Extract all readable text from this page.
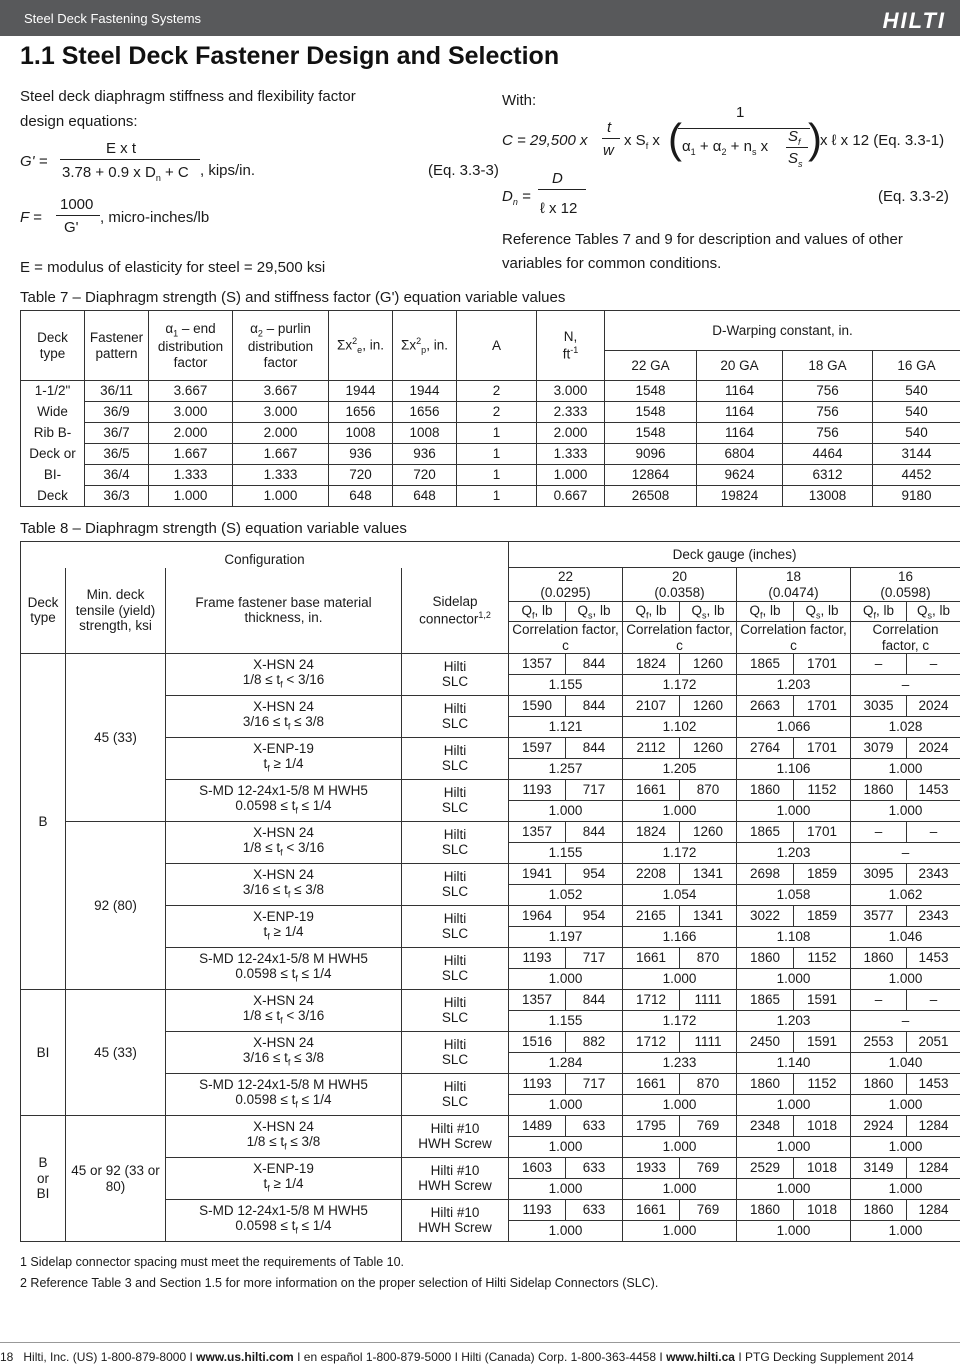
Steel Deck Fastening Systems	HILTI
1.1 Steel Deck Fastener Design and Selection
Steel deck diaphragm stiffness and flexibility factor
design equations:
G' =
E x t
3.78 + 0.9 x $D_n + C$ , kips/in.	(Eq. 3.3-3)
F =
1000
G'
, micro-inches/lb
E = modulus of elasticity for steel = 29,500 ksi
With:
1
C = 29,500 x
t
w
x $S_f$ x ( $\alpha_1 + \alpha_2 + n_s$ x
$S_f$
$S_s$
)
x ℓ x 12 (Eq. 3.3-1)
$D_n$ =
D
ℓ x 12
(Eq. 3.3-2)
Reference Tables 7 and 9 for description and values of other
variables for common conditions.
Table 7 – Diaphragm strength (S) and stiffness factor (G') equation variable values
Deck type	Fastener pattern	$\alpha_1$ – end distribution factor	$\alpha_2$ – purlin distribution factor	$\Sigma x^2_e$, in.	$\Sigma x^2_p$, in.	A	N,
$ft^{-1}$	D-Warping constant, in.			
								22 GA	20 GA	18 GA	16 GA
1-1/2"	36/11	3.667	3.667	1944	1944	2	3.000	1548	1164	756	540
Wide	36/9	3.000	3.000	1656	1656	2	2.333	1548	1164	756	540
Rib B-	36/7	2.000	2.000	1008	1008	1	2.000	1548	1164	756	540
Deck or	36/5	1.667	1.667	936	936	1	1.333	9096	6804	4464	3144
BI-	36/4	1.333	1.333	720	720	1	1.000	12864	9624	6312	4452
Deck	36/3	1.000	1.000	648	648	1	0.667	26508	19824	13008	9180
Table 8 – Diaphragm strength (S) equation variable values
Configuration				Deck gauge (inches)							
Deck type	Min. deck tensile (yield) strength, ksi	Frame fastener base material thickness, in.	Sidelap connector$^{1,2}$	22
(0.0295)		20
(0.0358)		18
(0.0474)		16
(0.0598)	
				$Q_f$, lb	$Q_s$, lb	$Q_f$, lb	$Q_s$, lb	$Q_f$, lb	$Q_s$, lb	$Q_f$, lb	$Q_s$, lb
				Correlation factor, c		Correlation factor, c		Correlation factor, c		Correlation factor, c	
B	45 (33)	X-HSN 24
$1/8 \le t_f < 3/16$	Hilti
SLC	1357	844	1824	1260	1865	1701	–	–
				1.155		1.172		1.203		–	
		X-HSN 24
$3/16 \le t_f \le 3/8$	Hilti
SLC	1590	844	2107	1260	2663	1701	3035	2024
				1.121		1.102		1.066		1.028	
		X-ENP-19
$t_f \ge 1/4$	Hilti
SLC	1597	844	2112	1260	2764	1701	3079	2024
				1.257		1.205		1.106		1.000	
		S-MD 12-24x1-5/8 M HWH5
$0.0598 \le t_f \le 1/4$	Hilti
SLC	1193	717	1661	870	1860	1152	1860	1453
				1.000		1.000		1.000		1.000	
	92 (80)	X-HSN 24
$1/8 \le t_f < 3/16$	Hilti
SLC	1357	844	1824	1260	1865	1701	–	–
				1.155		1.172		1.203		–	
		X-HSN 24
$3/16 \le t_f \le 3/8$	Hilti
SLC	1941	954	2208	1341	2698	1859	3095	2343
				1.052		1.054		1.058		1.062	
		X-ENP-19
$t_f \ge 1/4$	Hilti
SLC	1964	954	2165	1341	3022	1859	3577	2343
				1.197		1.166		1.108		1.046	
		S-MD 12-24x1-5/8 M HWH5
$0.0598 \le t_f \le 1/4$	Hilti
SLC	1193	717	1661	870	1860	1152	1860	1453
				1.000		1.000		1.000		1.000	
BI	45 (33)	X-HSN 24
$1/8 \le t_f < 3/16$	Hilti
SLC	1357	844	1712	1111	1865	1591	–	–
				1.155		1.172		1.203		–	
		X-HSN 24
$3/16 \le t_f \le 3/8$	Hilti
SLC	1516	882	1712	1111	2450	1591	2553	2051
				1.284		1.233		1.140		1.040	
		S-MD 12-24x1-5/8 M HWH5
$0.0598 \le t_f \le 1/4$	Hilti
SLC	1193	717	1661	870	1860	1152	1860	1453
				1.000		1.000		1.000		1.000	
B
or
BI	45 or 92 (33 or 80)	X-HSN 24
$1/8 \le t_f \le 3/8$	Hilti #10
HWH Screw	1489	633	1795	769	2348	1018	2924	1284
				1.000		1.000		1.000		1.000	
		X-ENP-19
$t_f \ge 1/4$	Hilti #10
HWH Screw	1603	633	1933	769	2529	1018	3149	1284
				1.000		1.000		1.000		1.000	
		S-MD 12-24x1-5/8 M HWH5
$0.0598 \le t_f \le 1/4$	Hilti #10
HWH Screw	1193	633	1661	769	1860	1018	1860	1284
				1.000		1.000		1.000		1.000	
1 Sidelap connector spacing must meet the requirements of Table 10.
2 Reference Table 3 and Section 1.5 for more information on the proper selection of Hilti Sidelap Connectors (SLC).
18 Hilti, Inc. (US) 1-800-879-8000 I www.us.hilti.com I en español 1-800-879-5000 I Hilti (Canada) Corp. 1-800-363-4458 I www.hilti.ca I PTG Decking Supplement 2014
